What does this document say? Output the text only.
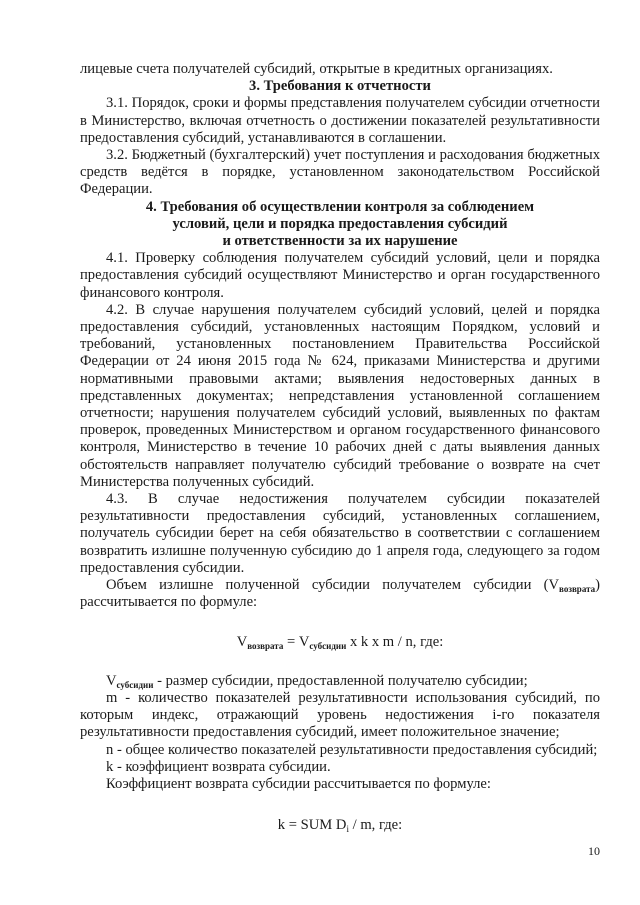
лицевые счета получателей субсидий, открытые в кредитных организациях.

3. Требования к отчетности

3.1. Порядок, сроки и формы представления получателем субсидии отчетности в Министерство, включая отчетность о достижении показателей результативности предоставления субсидий, устанавливаются в соглашении.

3.2. Бюджетный (бухгалтерский) учет поступления и расходования бюджетных средств ведётся в порядке, установленном законодательством Российской Федерации.

4. Требования об осуществлении контроля за соблюдением

условий, цели и порядка предоставления субсидий

и ответственности за их нарушение

4.1. Проверку соблюдения получателем субсидий условий, цели и порядка предоставления субсидий осуществляют Министерство и орган государственного финансового контроля.

4.2. В случае нарушения получателем субсидий условий, целей и порядка предоставления субсидий, установленных настоящим Порядком, условий и требований, установленных постановлением Правительства Российской Федерации от 24 июня 2015 года № 624, приказами Министерства и другими нормативными правовыми актами; выявления недостоверных данных в представленных документах; непредставления установленной соглашением отчетности; нарушения получателем субсидий условий, выявленных по фактам проверок, проведенных Министерством и органом государственного финансового контроля, Министерство в течение 10 рабочих дней с даты выявления данных обстоятельств направляет получателю субсидий требование о возврате на счет Министерства полученных субсидий.

4.3. В случае недостижения получателем субсидии показателей результативности предоставления субсидий, установленных соглашением, получатель субсидии берет на себя обязательство в соответствии с соглашением возвратить излишне полученную субсидию до 1 апреля года, следующего за годом предоставления субсидии.

Объем излишне полученной субсидии получателем субсидии $(V_{возврата})$ рассчитывается по формуле:

$V_{возврата} = V_{субсидии}$ x k x m / n, где:

$V_{субсидии}$ - размер субсидии, предоставленной получателю субсидии;

m - количество показателей результативности использования субсидий, по которым индекс, отражающий уровень недостижения i-го показателя результативности предоставления субсидий, имеет положительное значение;

n - общее количество показателей результативности предоставления субсидий;

k - коэффициент возврата субсидии.

Коэффициент возврата субсидии рассчитывается по формуле:

k = SUM $D_i$ / m, где:

10
